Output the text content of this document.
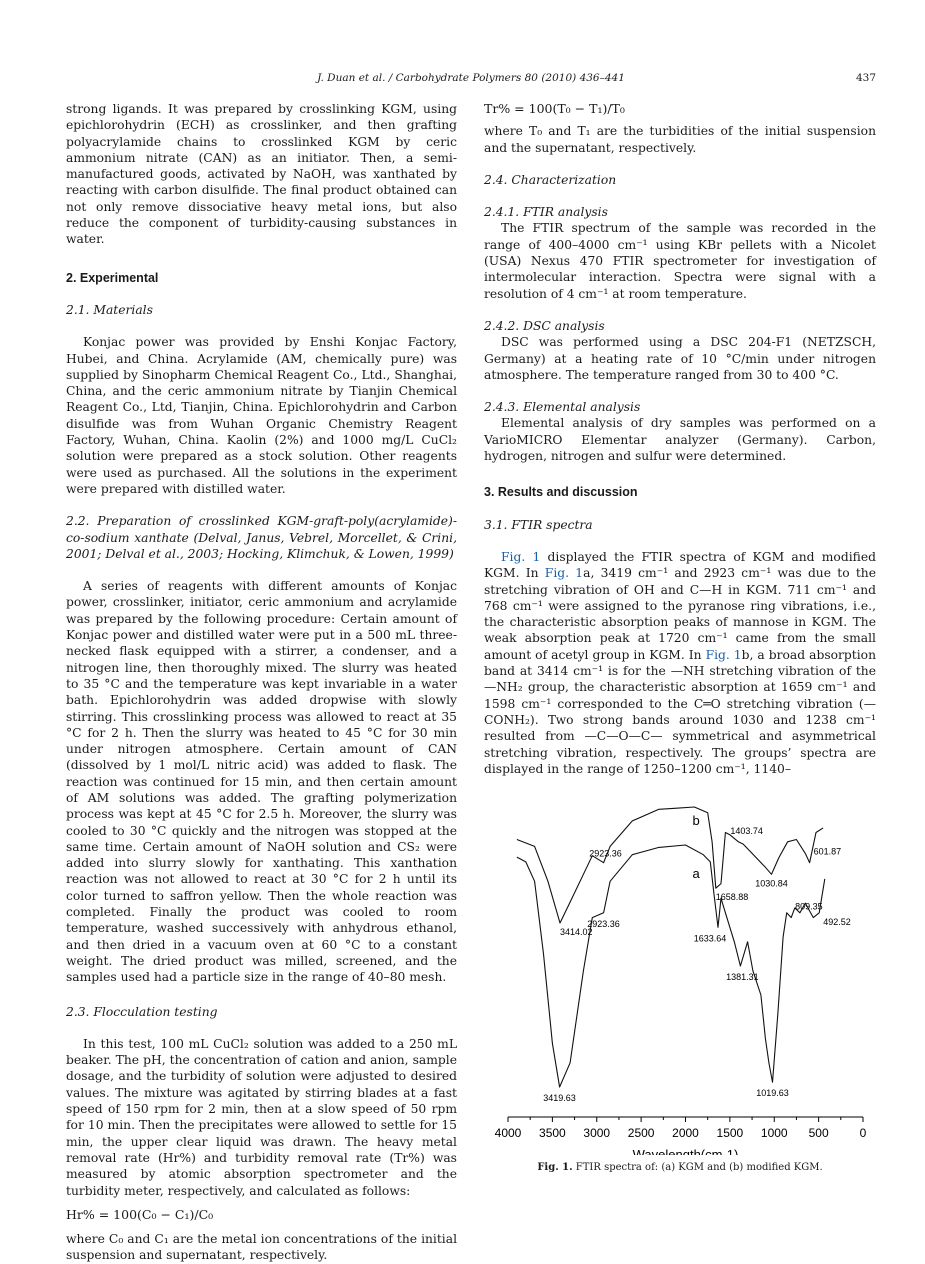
J. Duan et al. / Carbohydrate Polymers 80 (2010) 436–441	437

strong ligands. It was prepared by crosslinking KGM, using epichlorohydrin (ECH) as crosslinker, and then grafting polyacrylamide chains to crosslinked KGM by ceric ammonium nitrate (CAN) as an initiator. Then, a semi-manufactured goods, activated by NaOH, was xanthated by reacting with carbon disulfide. The final product obtained can not only remove dissociative heavy metal ions, but also reduce the component of turbidity-causing substances in water.

2. Experimental

2.1. Materials

Konjac power was provided by Enshi Konjac Factory, Hubei, and China. Acrylamide (AM, chemically pure) was supplied by Sinopharm Chemical Reagent Co., Ltd., Shanghai, China, and the ceric ammonium nitrate by Tianjin Chemical Reagent Co., Ltd, Tianjin, China. Epichlorohydrin and Carbon disulfide was from Wuhan Organic Chemistry Reagent Factory, Wuhan, China. Kaolin (2%) and 1000 mg/L CuCl₂ solution were prepared as a stock solution. Other reagents were used as purchased. All the solutions in the experiment were prepared with distilled water.

2.2. Preparation of crosslinked KGM-graft-poly(acrylamide)-co-sodium xanthate (Delval, Janus, Vebrel, Morcellet, & Crini, 2001; Delval et al., 2003; Hocking, Klimchuk, & Lowen, 1999)

A series of reagents with different amounts of Konjac power, crosslinker, initiator, ceric ammonium and acrylamide was prepared by the following procedure: Certain amount of Konjac power and distilled water were put in a 500 mL three-necked flask equipped with a stirrer, a condenser, and a nitrogen line, then thoroughly mixed. The slurry was heated to 35 °C and the temperature was kept invariable in a water bath. Epichlorohydrin was added dropwise with slowly stirring. This crosslinking process was allowed to react at 35 °C for 2 h. Then the slurry was heated to 45 °C for 30 min under nitrogen atmosphere. Certain amount of CAN (dissolved by 1 mol/L nitric acid) was added to flask. The reaction was continued for 15 min, and then certain amount of AM solutions was added. The grafting polymerization process was kept at 45 °C for 2.5 h. Moreover, the slurry was cooled to 30 °C quickly and the nitrogen was stopped at the same time. Certain amount of NaOH solution and CS₂ were added into slurry slowly for xanthating. This xanthation reaction was not allowed to react at 30 °C for 2 h until its color turned to saffron yellow. Then the whole reaction was completed. Finally the product was cooled to room temperature, washed successively with anhydrous ethanol, and then dried in a vacuum oven at 60 °C to a constant weight. The dried product was milled, screened, and the samples used had a particle size in the range of 40–80 mesh.

2.3. Flocculation testing

In this test, 100 mL CuCl₂ solution was added to a 250 mL beaker. The pH, the concentration of cation and anion, sample dosage, and the turbidity of solution were adjusted to desired values. The mixture was agitated by stirring blades at a fast speed of 150 rpm for 2 min, then at a slow speed of 50 rpm for 10 min. Then the precipitates were allowed to settle for 15 min, the upper clear liquid was drawn. The heavy metal removal rate (Hr%) and turbidity removal rate (Tr%) was measured by atomic absorption spectrometer and the turbidity meter, respectively, and calculated as follows:

Hr% = 100(C₀ − C₁)/C₀

where C₀ and C₁ are the metal ion concentrations of the initial suspension and supernatant, respectively.

Tr% = 100(T₀ − T₁)/T₀

where T₀ and T₁ are the turbidities of the initial suspension and the supernatant, respectively.

2.4. Characterization

2.4.1. FTIR analysis

The FTIR spectrum of the sample was recorded in the range of 400–4000 cm⁻¹ using KBr pellets with a Nicolet (USA) Nexus 470 FTIR spectrometer for investigation of intermolecular interaction. Spectra were signal with a resolution of 4 cm⁻¹ at room temperature.

2.4.2. DSC analysis

DSC was performed using a DSC 204-F1 (NETZSCH, Germany) at a heating rate of 10 °C/min under nitrogen atmosphere. The temperature ranged from 30 to 400 °C.

2.4.3. Elemental analysis

Elemental analysis of dry samples was performed on a VarioMICRO Elementar analyzer (Germany). Carbon, hydrogen, nitrogen and sulfur were determined.

3. Results and discussion

3.1. FTIR spectra

Fig. 1 displayed the FTIR spectra of KGM and modified KGM. In Fig. 1a, 3419 cm⁻¹ and 2923 cm⁻¹ was due to the stretching vibration of OH and C—H in KGM. 711 cm⁻¹ and 768 cm⁻¹ were assigned to the pyranose ring vibrations, i.e., the characteristic absorption peaks of mannose in KGM. The weak absorption peak at 1720 cm⁻¹ came from the small amount of acetyl group in KGM. In Fig. 1b, a broad absorption band at 3414 cm⁻¹ is for the —NH stretching vibration of the —NH₂ group, the characteristic absorption at 1659 cm⁻¹ and 1598 cm⁻¹ corresponded to the C═O stretching vibration (—CONH₂). Two strong bands around 1030 and 1238 cm⁻¹ resulted from —C—O—C— symmetrical and asymmetrical stretching vibration, respectively. The groups’ spectra are displayed in the range of 1250–1200 cm⁻¹, 1140–

4000 3500 3000 2500 2000 1500 1000 500	0
Wavelength(cm-1)
b
3414.02
2923.36
1658.88
1403.74
1030.84
601.87
a
3419.63
2923.36
1633.64
1381.31
1019.63
809.35
492.52
Fig. 1. FTIR spectra of: (a) KGM and (b) modified KGM.
